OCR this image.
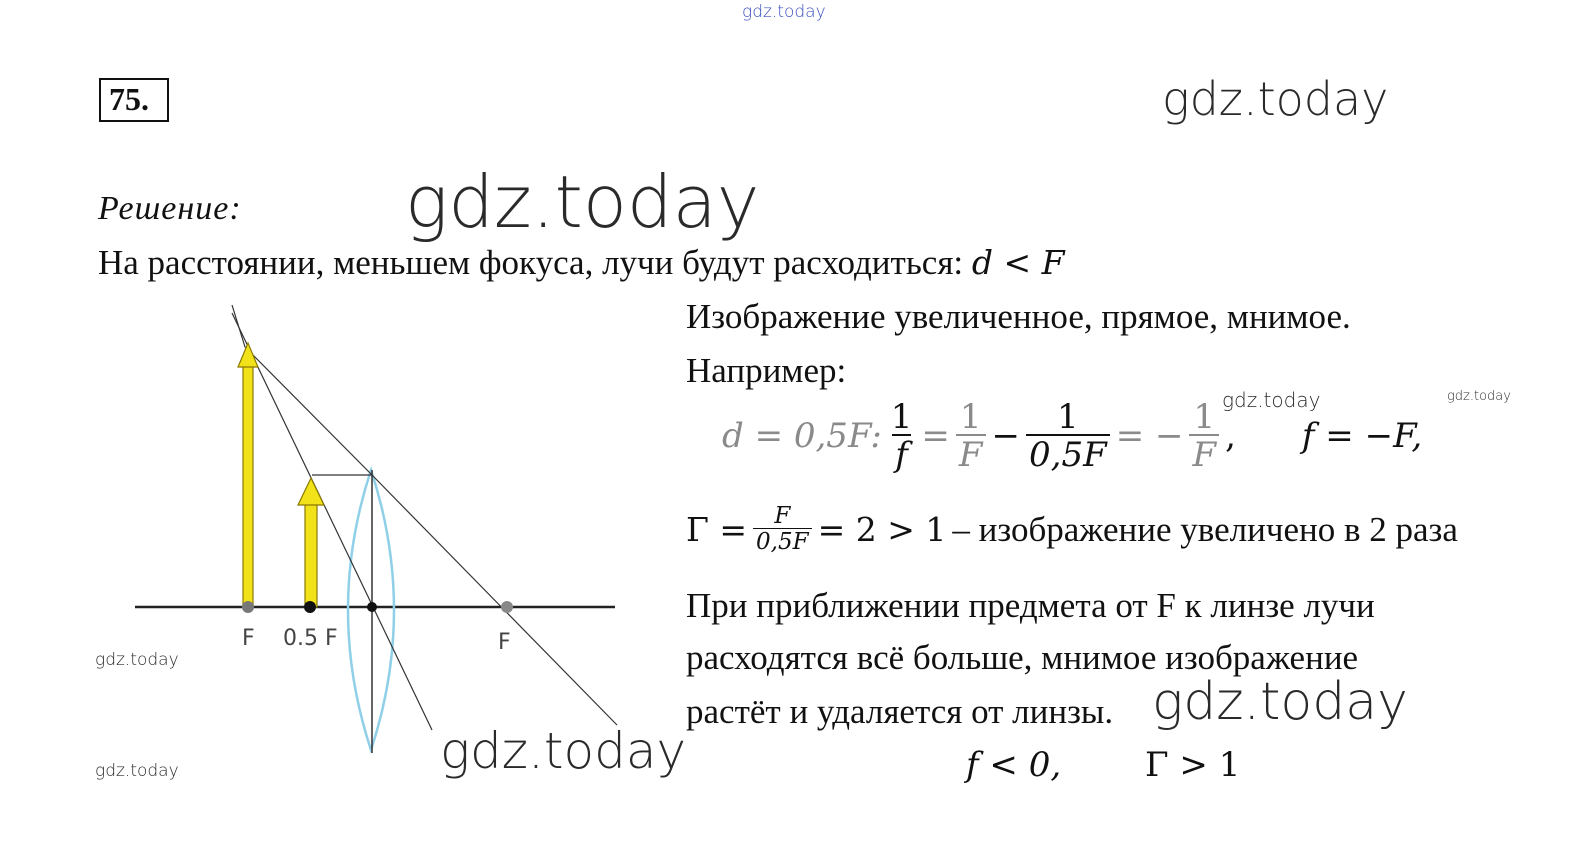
gdz.today
gdz.today
gdz.today
gdz.today	gdz.today
gdz.today
gdz.today	gdz.today
gdz.today
75.
Решение:
На расстоянии, меньшем фокуса, лучи будут расходиться: d < F
F 0.5 F	F
Изображение увеличенное, прямое, мнимое.
Например:
d = 0,5F: $\frac{1}{f} = \frac{1}{F} - \frac{1}{0,5F}$ = − $\frac{1}{F}$ , f = −F,
$\Gamma = \frac{F}{0,5F} = 2 > 1$ – изображение увеличено в 2 раза
При приближении предмета от F к линзе лучи
расходятся всё больше, мнимое изображение
растёт и удаляется от линзы.
f < 0, Γ > 1
